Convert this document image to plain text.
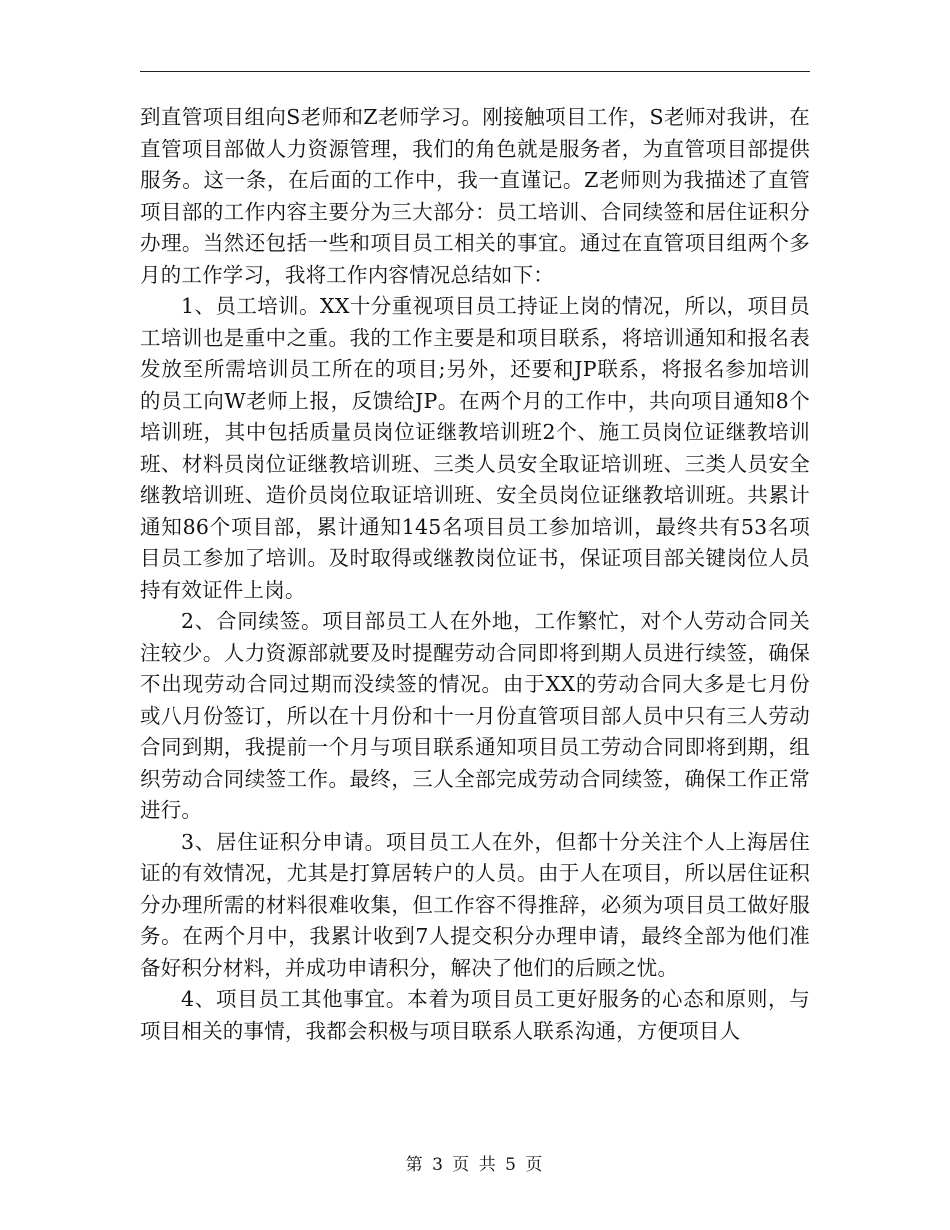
到直管项目组向S老师和Z老师学习。刚接触项目工作，S老师对我讲，在直管项目部做人力资源管理，我们的角色就是服务者，为直管项目部提供服务。这一条，在后面的工作中，我一直谨记。Z老师则为我描述了直管项目部的工作内容主要分为三大部分：员工培训、合同续签和居住证积分办理。当然还包括一些和项目员工相关的事宜。通过在直管项目组两个多月的工作学习，我将工作内容情况总结如下：

1、员工培训。XX十分重视项目员工持证上岗的情况，所以，项目员工培训也是重中之重。我的工作主要是和项目联系，将培训通知和报名表发放至所需培训员工所在的项目;另外，还要和JP联系，将报名参加培训的员工向W老师上报，反馈给JP。在两个月的工作中，共向项目通知8个培训班，其中包括质量员岗位证继教培训班2个、施工员岗位证继教培训班、材料员岗位证继教培训班、三类人员安全取证培训班、三类人员安全继教培训班、造价员岗位取证培训班、安全员岗位证继教培训班。共累计通知86个项目部，累计通知145名项目员工参加培训，最终共有53名项目员工参加了培训。及时取得或继教岗位证书，保证项目部关键岗位人员持有效证件上岗。

2、合同续签。项目部员工人在外地，工作繁忙，对个人劳动合同关注较少。人力资源部就要及时提醒劳动合同即将到期人员进行续签，确保不出现劳动合同过期而没续签的情况。由于XX的劳动合同大多是七月份或八月份签订，所以在十月份和十一月份直管项目部人员中只有三人劳动合同到期，我提前一个月与项目联系通知项目员工劳动合同即将到期，组织劳动合同续签工作。最终，三人全部完成劳动合同续签，确保工作正常进行。

3、居住证积分申请。项目员工人在外，但都十分关注个人上海居住证的有效情况，尤其是打算居转户的人员。由于人在项目，所以居住证积分办理所需的材料很难收集，但工作容不得推辞，必须为项目员工做好服务。在两个月中，我累计收到7人提交积分办理申请，最终全部为他们准备好积分材料，并成功申请积分，解决了他们的后顾之忧。

4、项目员工其他事宜。本着为项目员工更好服务的心态和原则，与项目相关的事情，我都会积极与项目联系人联系沟通，方便项目人

第 3 页 共 5 页
